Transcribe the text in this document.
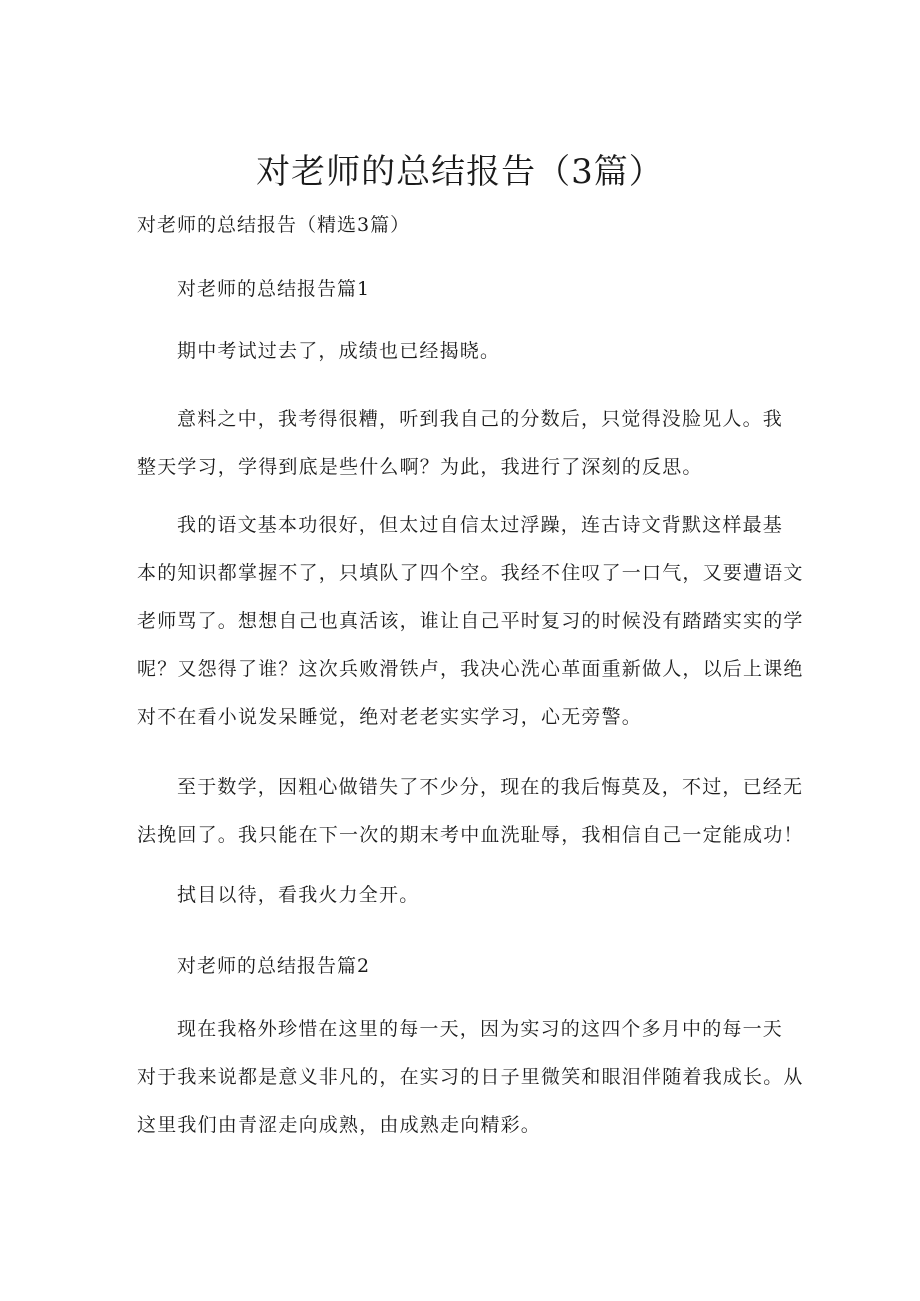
对老师的总结报告（3篇）

对老师的总结报告（精选3篇）

对老师的总结报告篇1

期中考试过去了，成绩也已经揭晓。

意料之中，我考得很糟，听到我自己的分数后，只觉得没脸见人。我
整天学习，学得到底是些什么啊？为此，我进行了深刻的反思。

我的语文基本功很好，但太过自信太过浮躁，连古诗文背默这样最基
本的知识都掌握不了，只填队了四个空。我经不住叹了一口气，又要遭语文
老师骂了。想想自己也真活该，谁让自己平时复习的时候没有踏踏实实的学
呢？又怨得了谁？这次兵败滑铁卢，我决心洗心革面重新做人，以后上课绝
对不在看小说发呆睡觉，绝对老老实实学习，心无旁警。

至于数学，因粗心做错失了不少分，现在的我后悔莫及，不过，已经无
法挽回了。我只能在下一次的期末考中血洗耻辱，我相信自己一定能成功！

拭目以待，看我火力全开。

对老师的总结报告篇2

现在我格外珍惜在这里的每一天，因为实习的这四个多月中的每一天
对于我来说都是意义非凡的，在实习的日子里微笑和眼泪伴随着我成长。从
这里我们由青涩走向成熟，由成熟走向精彩。
